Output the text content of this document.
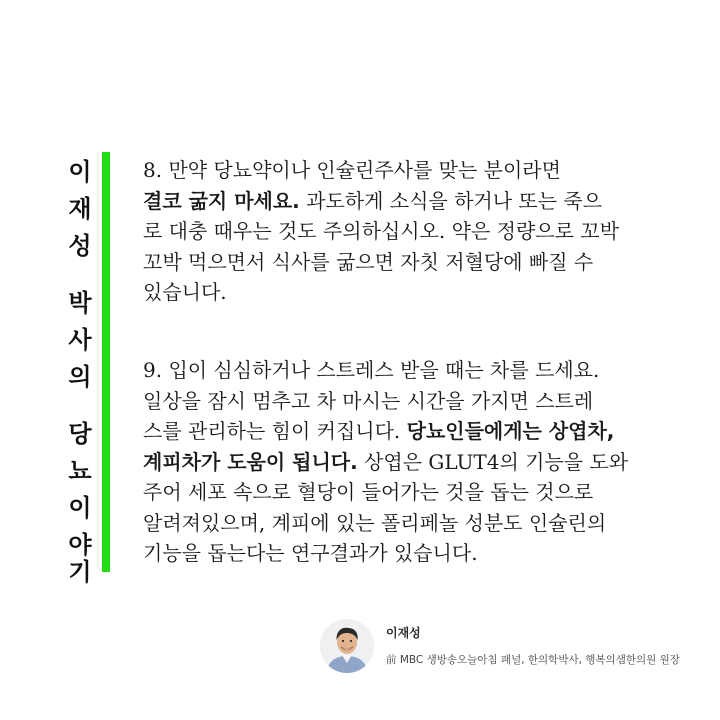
이
재
성
박
사
의
당
뇨
이
야
기
8. 만약 당뇨약이나 인슐린주사를 맞는 분이라면
결코 굶지 마세요. 과도하게 소식을 하거나 또는 죽으
로 대충 때우는 것도 주의하십시오. 약은 정량으로 꼬박
꼬박 먹으면서 식사를 굶으면 자칫 저혈당에 빠질 수
있습니다.
9. 입이 심심하거나 스트레스 받을 때는 차를 드세요.
일상을 잠시 멈추고 차 마시는 시간을 가지면 스트레
스를 관리하는 힘이 커집니다. 당뇨인들에게는 상엽차,
계피차가 도움이 됩니다. 상엽은 GLUT4의 기능을 도와
주어 세포 속으로 혈당이 들어가는 것을 돕는 것으로
알려져있으며, 계피에 있는 폴리페놀 성분도 인슐린의
기능을 돕는다는 연구결과가 있습니다.
이재성
前 MBC 생방송오늘아침 패널, 한의학박사, 행복의샘한의원 원장
